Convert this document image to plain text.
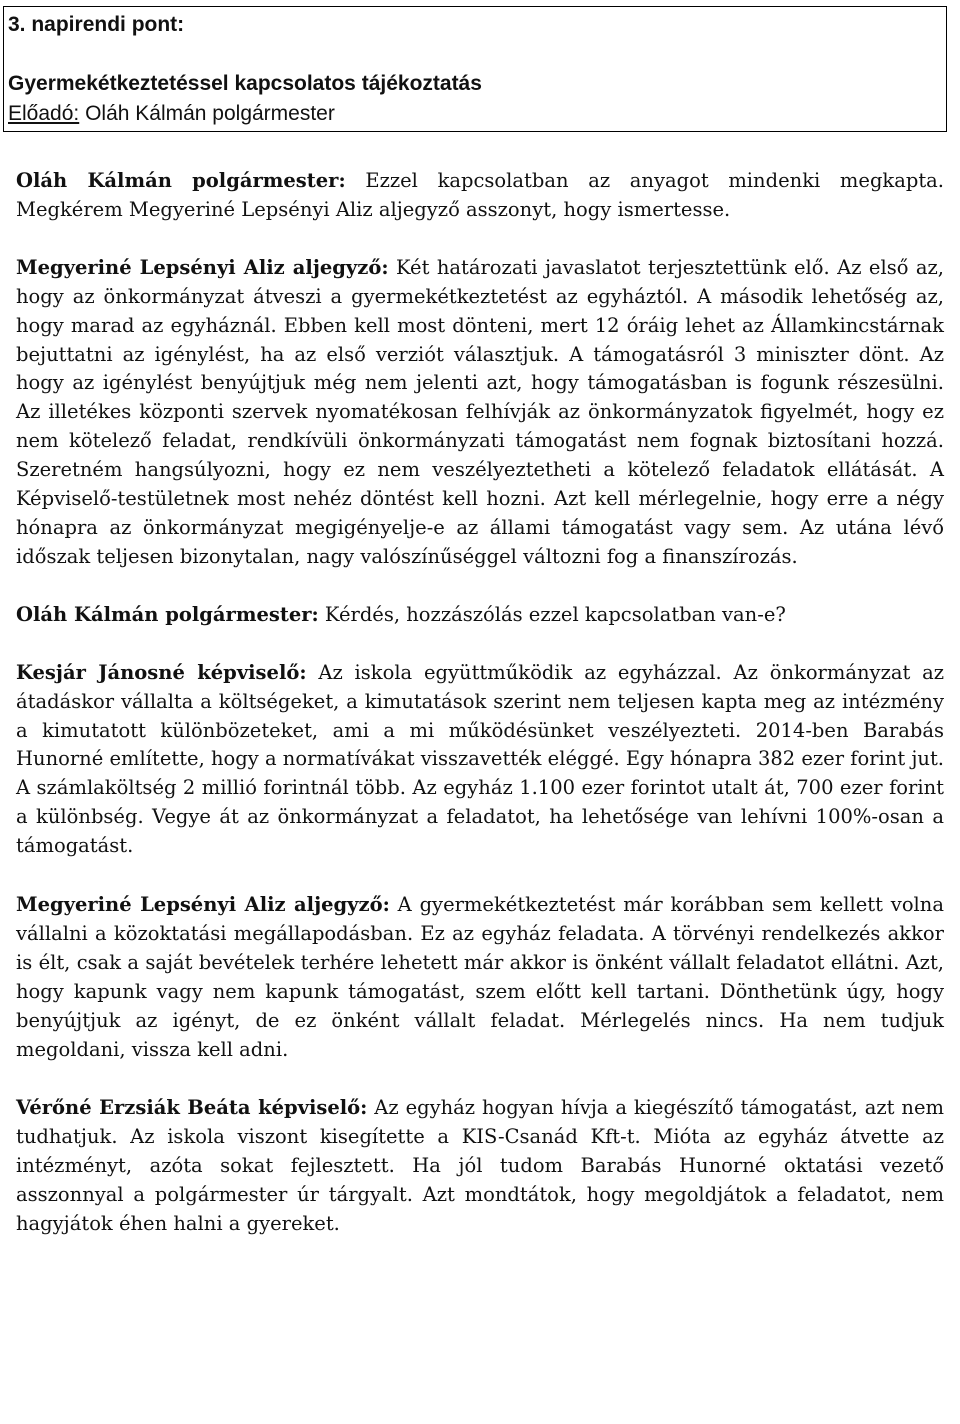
3. napirendi pont:
Gyermekétkeztetéssel kapcsolatos tájékoztatás
Előadó: Oláh Kálmán polgármester

Oláh Kálmán polgármester: Ezzel kapcsolatban az anyagot mindenki megkapta. Megkérem Megyeriné Lepsényi Aliz aljegyző asszonyt, hogy ismertesse.

Megyeriné Lepsényi Aliz aljegyző: Két határozati javaslatot terjesztettünk elő. Az első az, hogy az önkormányzat átveszi a gyermekétkeztetést az egyháztól. A második lehetőség az, hogy marad az egyháznál. Ebben kell most dönteni, mert 12 óráig lehet az Államkincstárnak bejuttatni az igénylést, ha az első verziót választjuk. A támogatásról 3 miniszter dönt. Az hogy az igénylést benyújtjuk még nem jelenti azt, hogy támogatásban is fogunk részesülni. Az illetékes központi szervek nyomatékosan felhívják az önkormányzatok figyelmét, hogy ez nem kötelező feladat, rendkívüli önkormányzati támogatást nem fognak biztosítani hozzá. Szeretném hangsúlyozni, hogy ez nem veszélyeztetheti a kötelező feladatok ellátását. A Képviselő-testületnek most nehéz döntést kell hozni. Azt kell mérlegelnie, hogy erre a négy hónapra az önkormányzat megigényelje-e az állami támogatást vagy sem. Az utána lévő időszak teljesen bizonytalan, nagy valószínűséggel változni fog a finanszírozás.

Oláh Kálmán polgármester: Kérdés, hozzászólás ezzel kapcsolatban van-e?

Kesjár Jánosné képviselő: Az iskola együttműködik az egyházzal. Az önkormányzat az átadáskor vállalta a költségeket, a kimutatások szerint nem teljesen kapta meg az intézmény a kimutatott különbözeteket, ami a mi működésünket veszélyezteti. 2014-ben Barabás Hunorné említette, hogy a normatívákat visszavették eléggé. Egy hónapra 382 ezer forint jut. A számlaköltség 2 millió forintnál több. Az egyház 1.100 ezer forintot utalt át, 700 ezer forint a különbség. Vegye át az önkormányzat a feladatot, ha lehetősége van lehívni 100%-osan a támogatást.

Megyeriné Lepsényi Aliz aljegyző: A gyermekétkeztetést már korábban sem kellett volna vállalni a közoktatási megállapodásban. Ez az egyház feladata. A törvényi rendelkezés akkor is élt, csak a saját bevételek terhére lehetett már akkor is önként vállalt feladatot ellátni. Azt, hogy kapunk vagy nem kapunk támogatást, szem előtt kell tartani. Dönthetünk úgy, hogy benyújtjuk az igényt, de ez önként vállalt feladat. Mérlegelés nincs. Ha nem tudjuk megoldani, vissza kell adni.

Vérőné Erzsiák Beáta képviselő: Az egyház hogyan hívja a kiegészítő támogatást, azt nem tudhatjuk. Az iskola viszont kisegítette a KIS-Csanád Kft-t. Mióta az egyház átvette az intézményt, azóta sokat fejlesztett. Ha jól tudom Barabás Hunorné oktatási vezető asszonnyal a polgármester úr tárgyalt. Azt mondtátok, hogy megoldjátok a feladatot, nem hagyjátok éhen halni a gyereket.
